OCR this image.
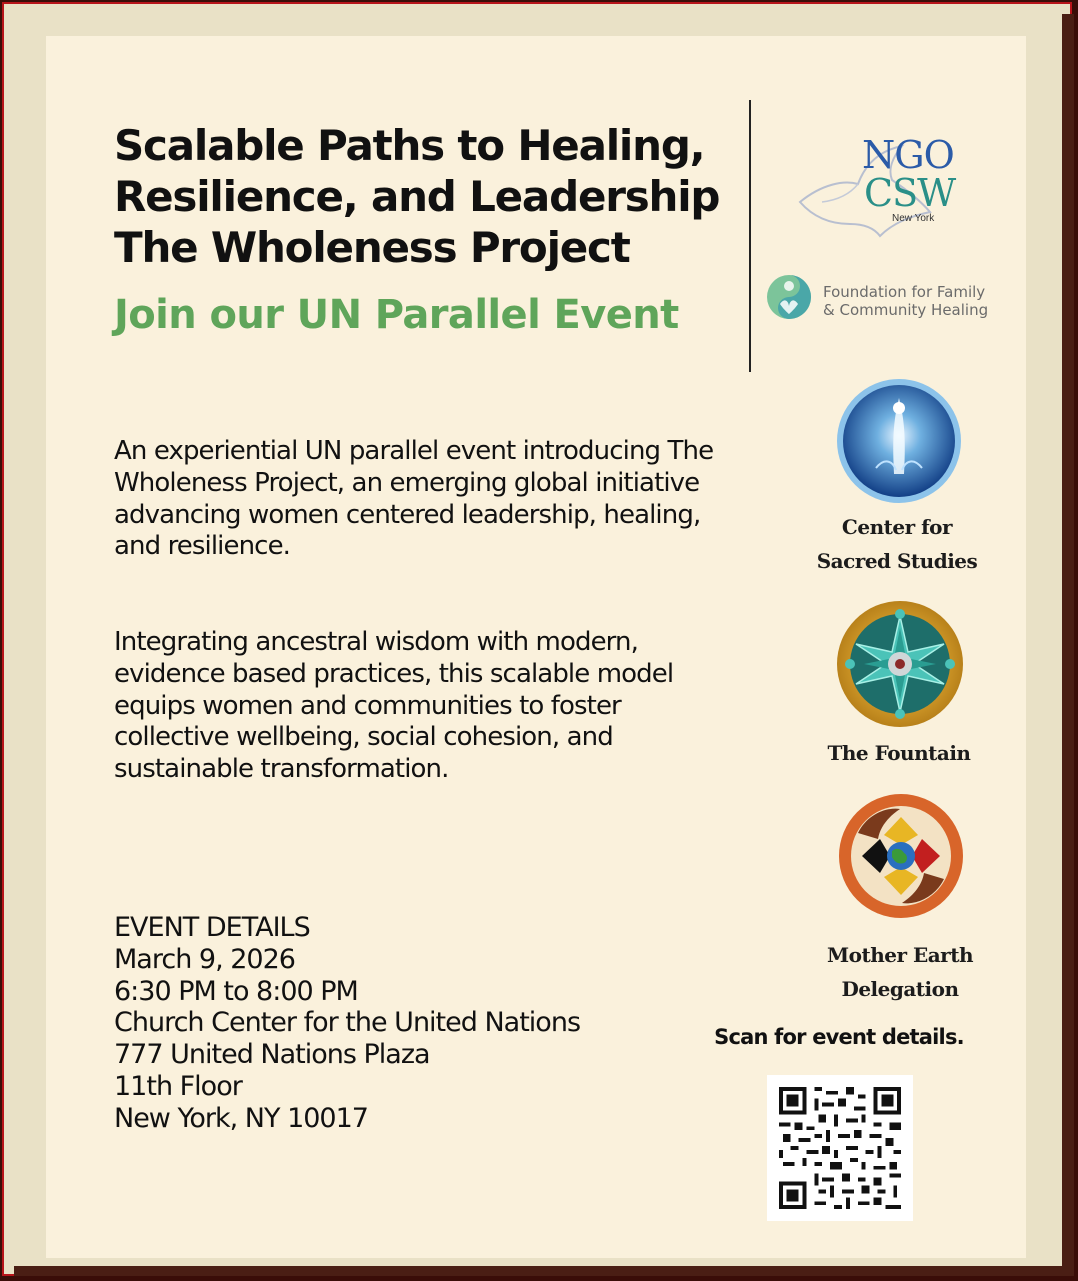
Scalable Paths to Healing,
Resilience, and Leadership
The Wholeness Project
Join our UN Parallel Event

An experiential UN parallel event introducing The Wholeness Project, an emerging global initiative advancing women centered leadership, healing, and resilience.

Integrating ancestral wisdom with modern, evidence based practices, this scalable model equips women and communities to foster collective wellbeing, social cohesion, and sustainable transformation.

EVENT DETAILS
March 9, 2026
6:30 PM to 8:00 PM
Church Center for the United Nations
777 United Nations Plaza
11th Floor
New York, NY 10017
NGO
CSW
New York
Foundation for Family
& Community Healing
Center for
Sacred Studies
The Fountain
Mother Earth
Delegation
Scan for event details.
